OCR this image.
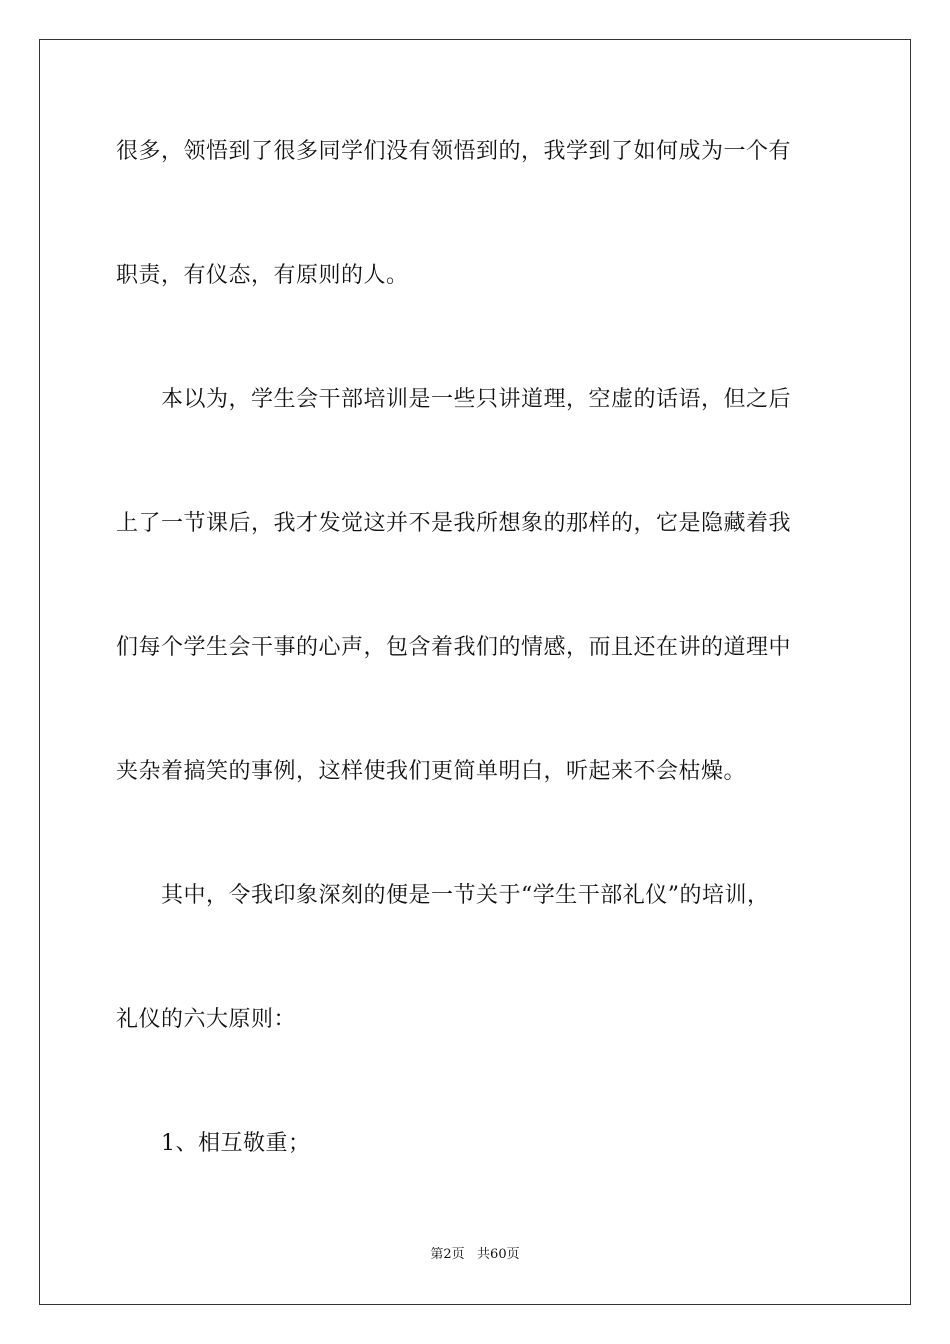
很多，领悟到了很多同学们没有领悟到的，我学到了如何成为一个有
职责，有仪态，有原则的人。
　　本以为，学生会干部培训是一些只讲道理，空虚的话语，但之后
上了一节课后，我才发觉这并不是我所想象的那样的，它是隐藏着我
们每个学生会干事的心声，包含着我们的情感，而且还在讲的道理中
夹杂着搞笑的事例，这样使我们更简单明白，听起来不会枯燥。
　　其中，令我印象深刻的便是一节关于“学生干部礼仪”的培训，
礼仪的六大原则：
　　1、相互敬重；
第2页   共60页
